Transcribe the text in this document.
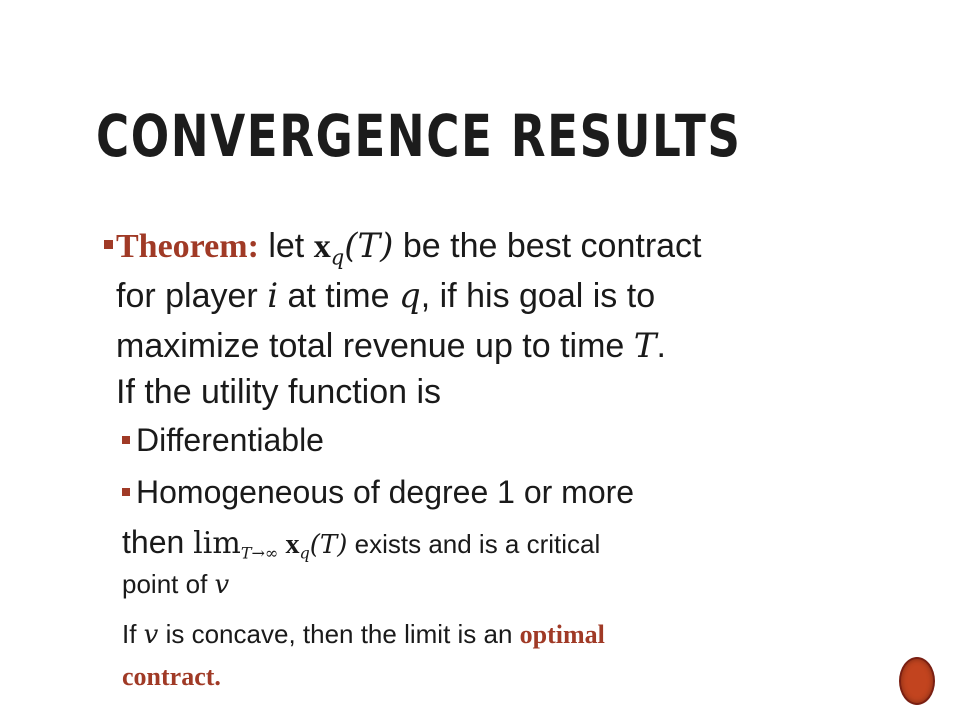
CONVERGENCE RESULTS
Theorem: let $x_q(T)$ be the best contract
for player i at time q, if his goal is to
maximize total revenue up to time T.
If the utility function is
Differentiable
Homogeneous of degree 1 or more
then $\lim_{T\to\infty} x_q(T)$ exists and is a critical
point of v
If v is concave, then the limit is an optimal
contract.
